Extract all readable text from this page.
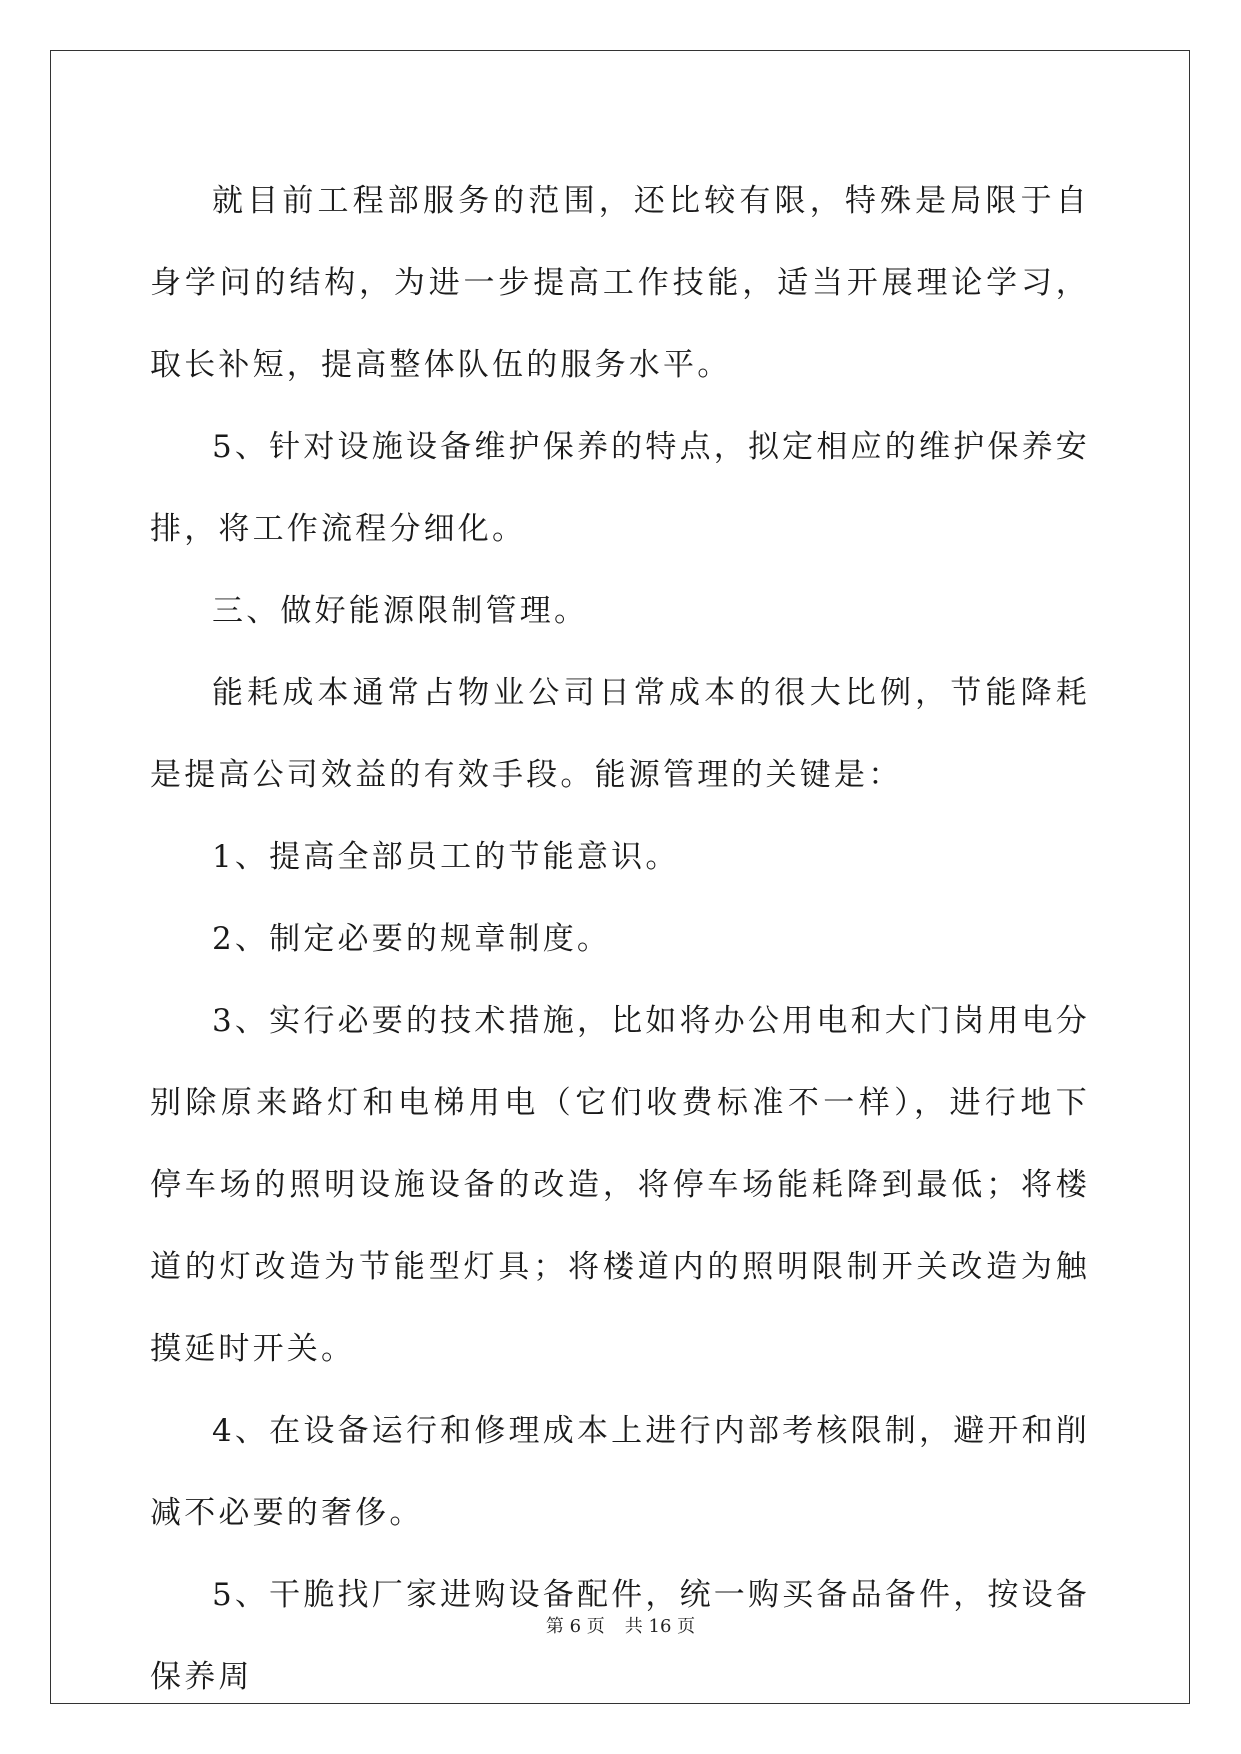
就目前工程部服务的范围，还比较有限，特殊是局限于自身学问的结构，为进一步提高工作技能，适当开展理论学习，取长补短，提高整体队伍的服务水平。

5、针对设施设备维护保养的特点，拟定相应的维护保养安排，将工作流程分细化。

三、做好能源限制管理。

能耗成本通常占物业公司日常成本的很大比例，节能降耗是提高公司效益的有效手段。能源管理的关键是：

1、提高全部员工的节能意识。

2、制定必要的规章制度。

3、实行必要的技术措施，比如将办公用电和大门岗用电分别除原来路灯和电梯用电（它们收费标准不一样），进行地下停车场的照明设施设备的改造，将停车场能耗降到最低；将楼道的灯改造为节能型灯具；将楼道内的照明限制开关改造为触摸延时开关。

4、在设备运行和修理成本上进行内部考核限制，避开和削减不必要的奢侈。

5、干脆找厂家进购设备配件，统一购买备品备件，按设备保养周

第 6 页 共 16 页
